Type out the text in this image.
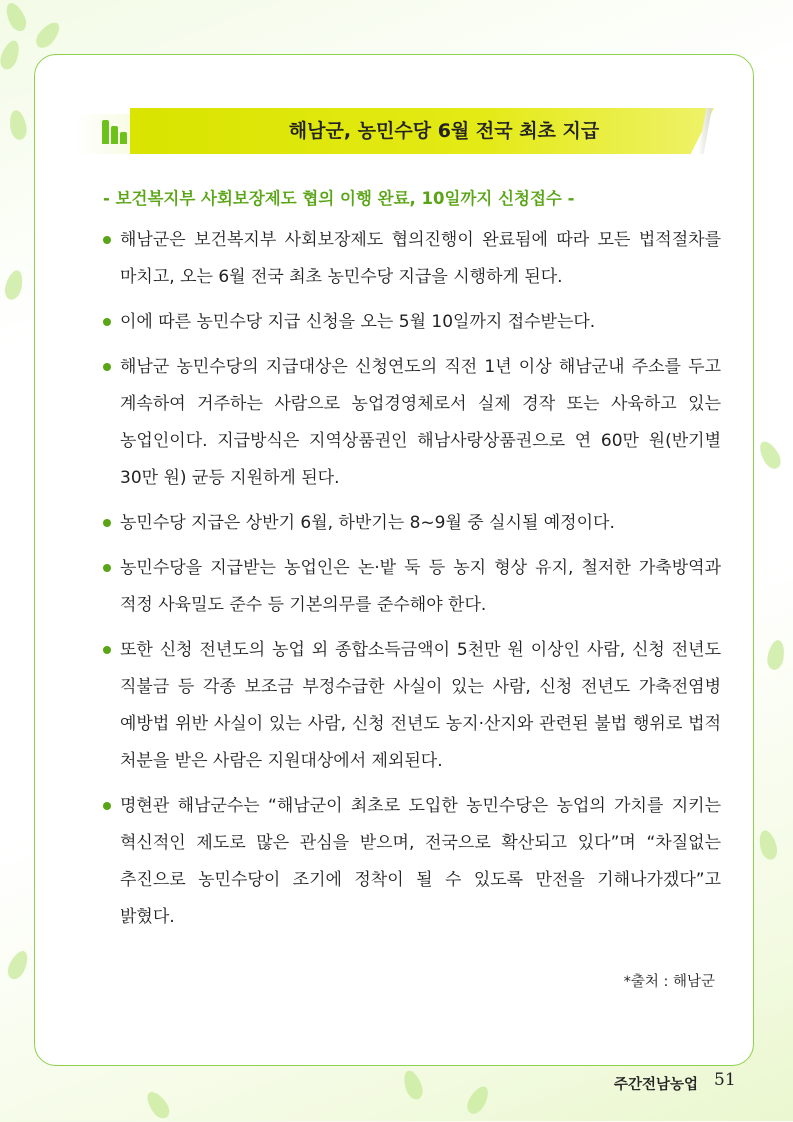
해남군, 농민수당 6월 전국 최초 지급
- 보건복지부 사회보장제도 협의 이행 완료, 10일까지 신청접수 -
해남군은 보건복지부 사회보장제도 협의진행이 완료됨에 따라 모든 법적절차를 마치고, 오는 6월 전국 최초 농민수당 지급을 시행하게 된다.
이에 따른 농민수당 지급 신청을 오는 5월 10일까지 접수받는다.
해남군 농민수당의 지급대상은 신청연도의 직전 1년 이상 해남군내 주소를 두고 계속하여 거주하는 사람으로 농업경영체로서 실제 경작 또는 사육하고 있는 농업인이다. 지급방식은 지역상품권인 해남사랑상품권으로 연 60만 원(반기별 30만 원) 균등 지원하게 된다.
농민수당 지급은 상반기 6월, 하반기는 8~9월 중 실시될 예정이다.
농민수당을 지급받는 농업인은 논·밭 둑 등 농지 형상 유지, 철저한 가축방역과 적정 사육밀도 준수 등 기본의무를 준수해야 한다.
또한 신청 전년도의 농업 외 종합소득금액이 5천만 원 이상인 사람, 신청 전년도 직불금 등 각종 보조금 부정수급한 사실이 있는 사람, 신청 전년도 가축전염병 예방법 위반 사실이 있는 사람, 신청 전년도 농지·산지와 관련된 불법 행위로 법적 처분을 받은 사람은 지원대상에서 제외된다.
명현관 해남군수는 “해남군이 최초로 도입한 농민수당은 농업의 가치를 지키는 혁신적인 제도로 많은 관심을 받으며, 전국으로 확산되고 있다”며 “차질없는 추진으로 농민수당이 조기에 정착이 될 수 있도록 만전을 기해나가겠다”고 밝혔다.
*출처 : 해남군
주간전남농업 51
